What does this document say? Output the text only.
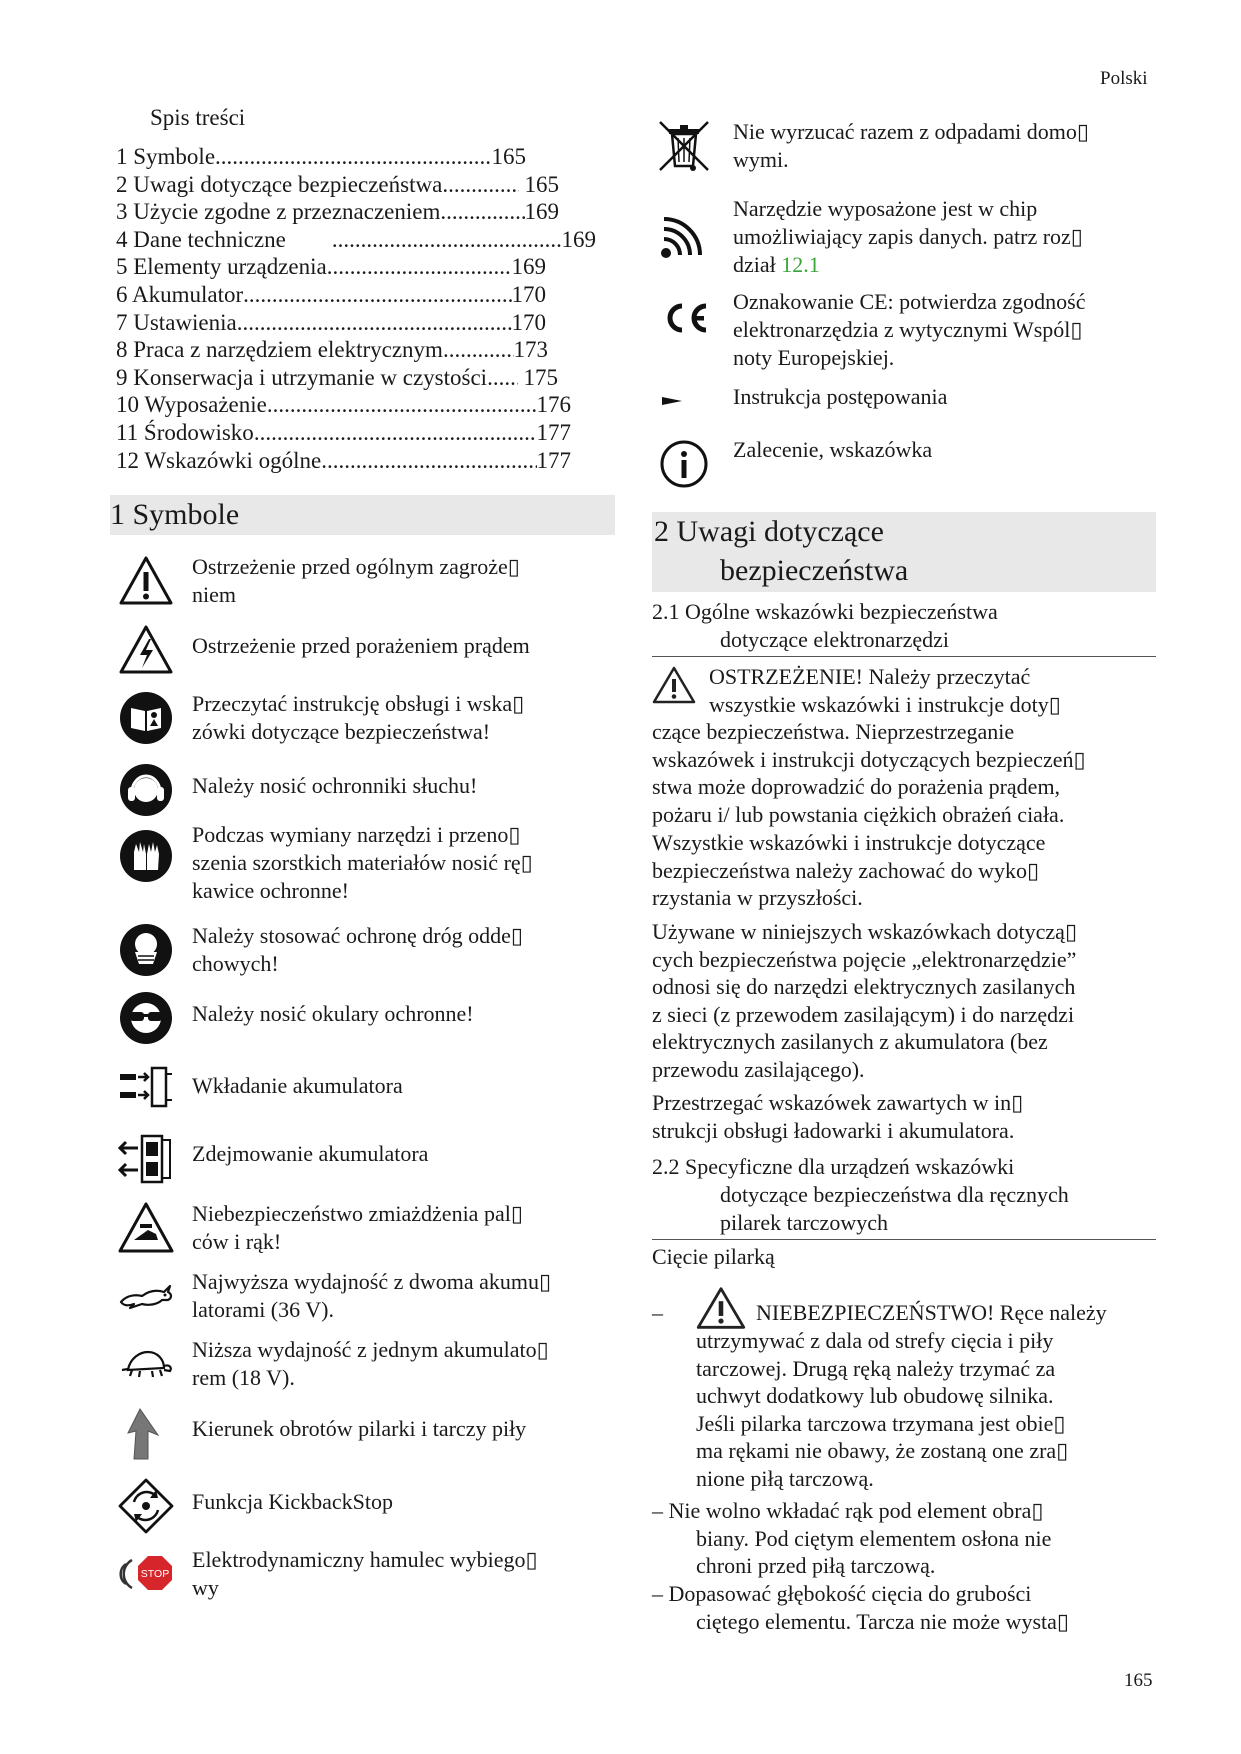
Polski
Spis treści
1 Symbole .....	165
2 Uwagi dotyczące bezpieczeństwa .....	165
3 Użycie zgodne z przeznaczeniem .....	169
4 Dane techniczne .....	169
5 Elementy urządzenia .....	169
6 Akumulator .....	170
7 Ustawienia .....	170
8 Praca z narzędziem elektrycznym .....	173
9 Konserwacja i utrzymanie w czystości ..... 175
10 Wyposażenie .....	176
11 Środowisko .....	177
12 Wskazówki ogólne .....	177
1 Symbole
Ostrzeżenie przed ogólnym zagroże▯
niem
Ostrzeżenie przed porażeniem prądem
Przeczytać instrukcję obsługi i wska▯
zówki dotyczące bezpieczeństwa!
Należy nosić ochronniki słuchu!
Podczas wymiany narzędzi i przeno▯
szenia szorstkich materiałów nosić rę▯
kawice ochronne!
Należy stosować ochronę dróg odde▯
chowych!
Należy nosić okulary ochronne!
Wkładanie akumulatora
Zdejmowanie akumulatora
Niebezpieczeństwo zmiażdżenia pal▯
cόw i rąk!
Najwyższa wydajność z dwoma akumu▯
latorami (36 V).
Niższa wydajność z jednym akumulato▯
rem (18 V).
Kierunek obrotów pilarki i tarczy piły
Funkcja KickbackStop
STOP
Elektrodynamiczny hamulec wybiego▯
wy
Nie wyrzucać razem z odpadami domo▯
wymi.
Narzędzie wyposażone jest w chip
umożliwiający zapis danych. patrz roz▯
dział 12.1
Oznakowanie CE: potwierdza zgodność
elektronarzędzia z wytycznymi Wspól▯
noty Europejskiej.
Instrukcja postępowania
Zalecenie, wskazówka
2 Uwagi dotyczące
bezpieczeństwa
2.1 Ogólne wskazówki bezpieczeństwa
dotyczące elektronarzędzi
OSTRZEŻENIE! Należy przeczytać
wszystkie wskazówki i instrukcje doty▯
czące bezpieczeństwa. Nieprzestrzeganie
wskazówek i instrukcji dotyczących bezpieczeń▯
stwa może doprowadzić do porażenia prądem,
pożaru i/ lub powstania ciężkich obrażeń ciała.
Wszystkie wskazówki i instrukcje dotyczące
bezpieczeństwa należy zachować do wyko▯
rzystania w przyszłości.
Używane w niniejszych wskazówkach dotyczą▯
cych bezpieczeństwa pojęcie „elektronarzędzie”
odnosi się do narzędzi elektrycznych zasilanych
z sieci (z przewodem zasilającym) i do narzędzi
elektrycznych zasilanych z akumulatora (bez
przewodu zasilającego).
Przestrzegać wskazówek zawartych w in▯
strukcji obsługi ładowarki i akumulatora.
2.2 Specyficzne dla urządzeń wskazówki
dotyczące bezpieczeństwa dla ręcznych
pilarek tarczowych
Cięcie pilarką
–	NIEBEZPIECZEŃSTWO! Ręce należy
utrzymywać z dala od strefy cięcia i piły
tarczowej. Drugą ręką należy trzymać za
uchwyt dodatkowy lub obudowę silnika.
Jeśli pilarka tarczowa trzymana jest obie▯
ma rękami nie obawy, że zostaną one zra▯
nione piłą tarczową.
– Nie wolno wkładać rąk pod element obra▯
biany. Pod ciętym elementem osłona nie
chroni przed piłą tarczową.
– Dopasować głębokość cięcia do grubości
ciętego elementu. Tarcza nie może wysta▯
165
